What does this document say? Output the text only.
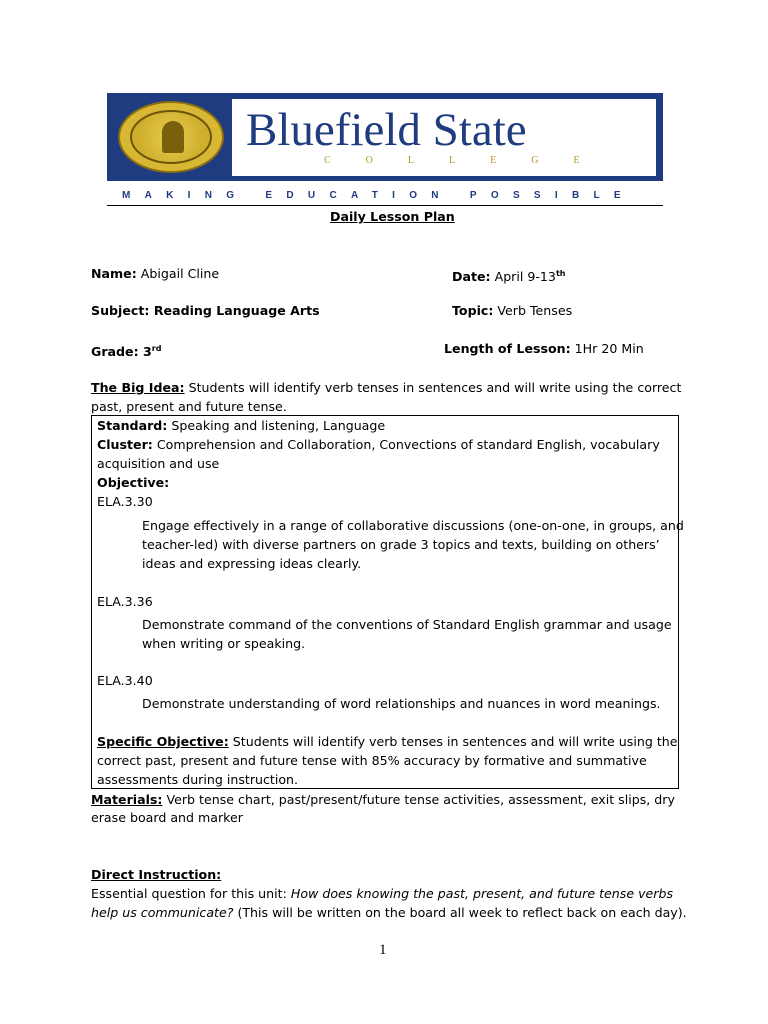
Bluefield State
COLLEGE
MAKING EDUCATION POSSIBLE
Daily Lesson Plan
Name: Abigail Cline	Date: April 9-13th
Subject: Reading Language Arts	Topic: Verb Tenses
Grade: 3rd	Length of Lesson: 1Hr 20 Min
The Big Idea: Students will identify verb tenses in sentences and will write using the correct
past, present and future tense.
Standard: Speaking and listening, Language
Cluster: Comprehension and Collaboration, Convections of standard English, vocabulary
acquisition and use
Objective:
ELA.3.30
Engage effectively in a range of collaborative discussions (one-on-one, in groups, and
teacher-led) with diverse partners on grade 3 topics and texts, building on others’
ideas and expressing ideas clearly.
ELA.3.36
Demonstrate command of the conventions of Standard English grammar and usage
when writing or speaking.
ELA.3.40
Demonstrate understanding of word relationships and nuances in word meanings.
Specific Objective: Students will identify verb tenses in sentences and will write using the
correct past, present and future tense with 85% accuracy by formative and summative
assessments during instruction.
Materials: Verb tense chart, past/present/future tense activities, assessment, exit slips, dry
erase board and marker
Direct Instruction:
Essential question for this unit: How does knowing the past, present, and future tense verbs
help us communicate? (This will be written on the board all week to reflect back on each day).
1
